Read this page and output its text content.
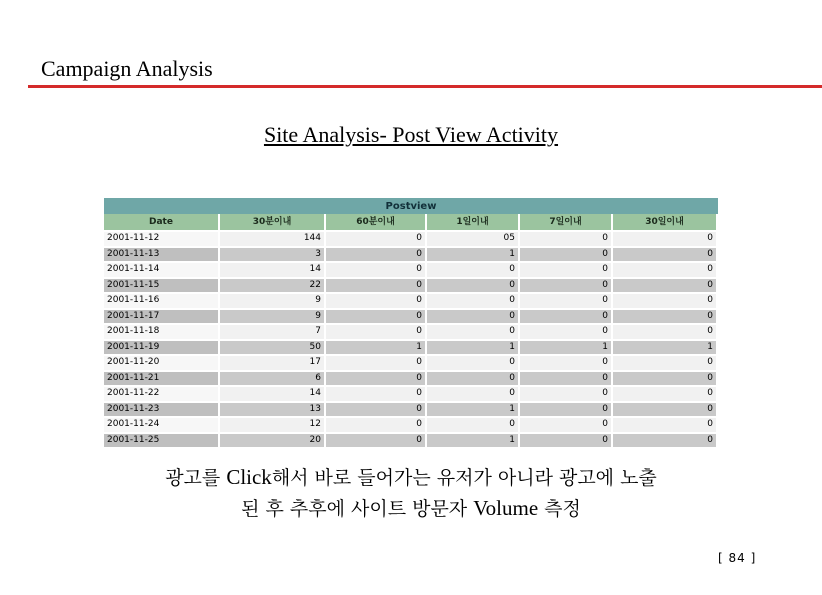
Campaign Analysis
Site Analysis- Post View Activity
Postview
Date	30분이내	60분이내	1일이내	7일이내	30일이내
2001-11-12	144	0	05	0	0
2001-11-13	3	0	1	0	0
2001-11-14	14	0	0	0	0
2001-11-15	22	0	0	0	0
2001-11-16	9	0	0	0	0
2001-11-17	9	0	0	0	0
2001-11-18	7	0	0	0	0
2001-11-19	50	1	1	1	1
2001-11-20	17	0	0	0	0
2001-11-21	6	0	0	0	0
2001-11-22	14	0	0	0	0
2001-11-23	13	0	1	0	0
2001-11-24	12	0	0	0	0
2001-11-25	20	0	1	0	0
광고를 Click해서 바로 들어가는 유저가 아니라 광고에 노출
된 후 추후에 사이트 방문자 Volume 측정
[ 84 ]
